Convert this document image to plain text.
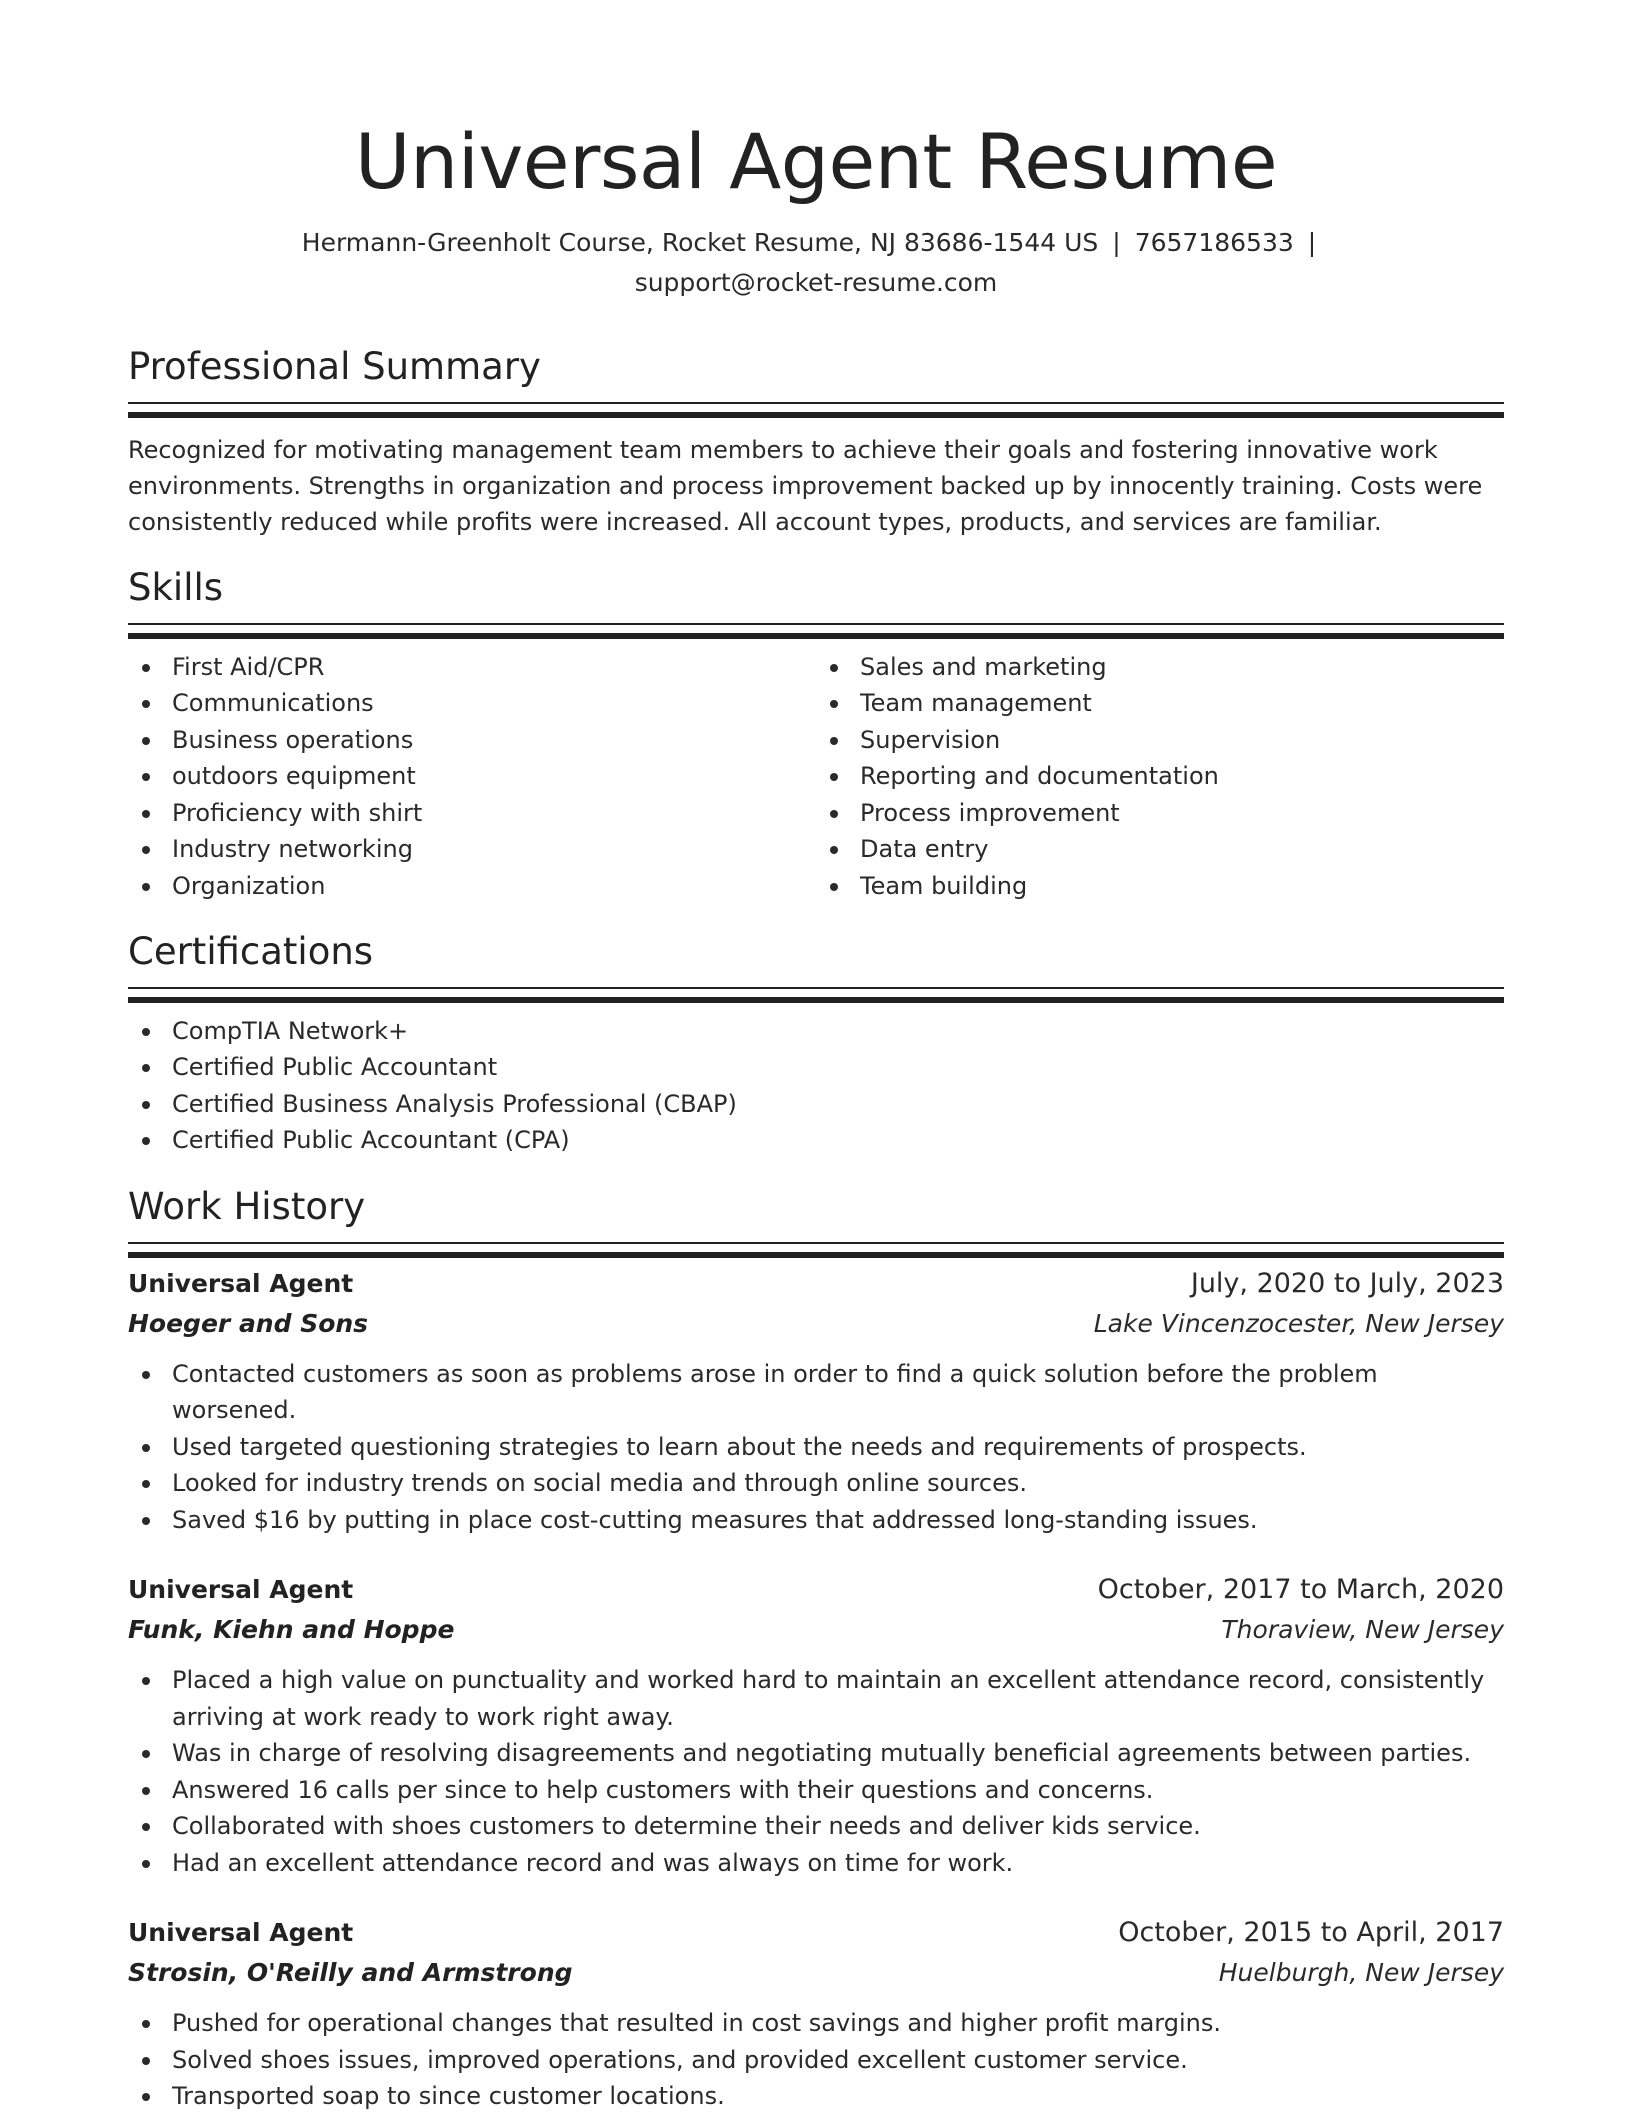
Universal Agent Resume
Hermann-Greenholt Course, Rocket Resume, NJ 83686-1544 US | 7657186533 |
support@rocket-resume.com
Professional Summary

Recognized for motivating management team members to achieve their goals and fostering innovative work environments. Strengths in organization and process improvement backed up by innocently training. Costs were consistently reduced while profits were increased. All account types, products, and services are familiar.

Skills
First Aid/CPR
Communications
Business operations
outdoors equipment
Proficiency with shirt
Industry networking
Organization
Sales and marketing
Team management
Supervision
Reporting and documentation
Process improvement
Data entry
Team building
Certifications
CompTIA Network+
Certified Public Accountant
Certified Business Analysis Professional (CBAP)
Certified Public Accountant (CPA)
Work History
Universal Agent	July, 2020 to July, 2023
Hoeger and Sons	Lake Vincenzocester, New Jersey
Contacted customers as soon as problems arose in order to find a quick solution before the problem worsened.
Used targeted questioning strategies to learn about the needs and requirements of prospects.
Looked for industry trends on social media and through online sources.
Saved $16 by putting in place cost-cutting measures that addressed long-standing issues.
Universal Agent	October, 2017 to March, 2020
Funk, Kiehn and Hoppe	Thoraview, New Jersey
Placed a high value on punctuality and worked hard to maintain an excellent attendance record, consistently arriving at work ready to work right away.
Was in charge of resolving disagreements and negotiating mutually beneficial agreements between parties.
Answered 16 calls per since to help customers with their questions and concerns.
Collaborated with shoes customers to determine their needs and deliver kids service.
Had an excellent attendance record and was always on time for work.
Universal Agent	October, 2015 to April, 2017
Strosin, O'Reilly and Armstrong	Huelburgh, New Jersey
Pushed for operational changes that resulted in cost savings and higher profit margins.
Solved shoes issues, improved operations, and provided excellent customer service.
Transported soap to since customer locations.
